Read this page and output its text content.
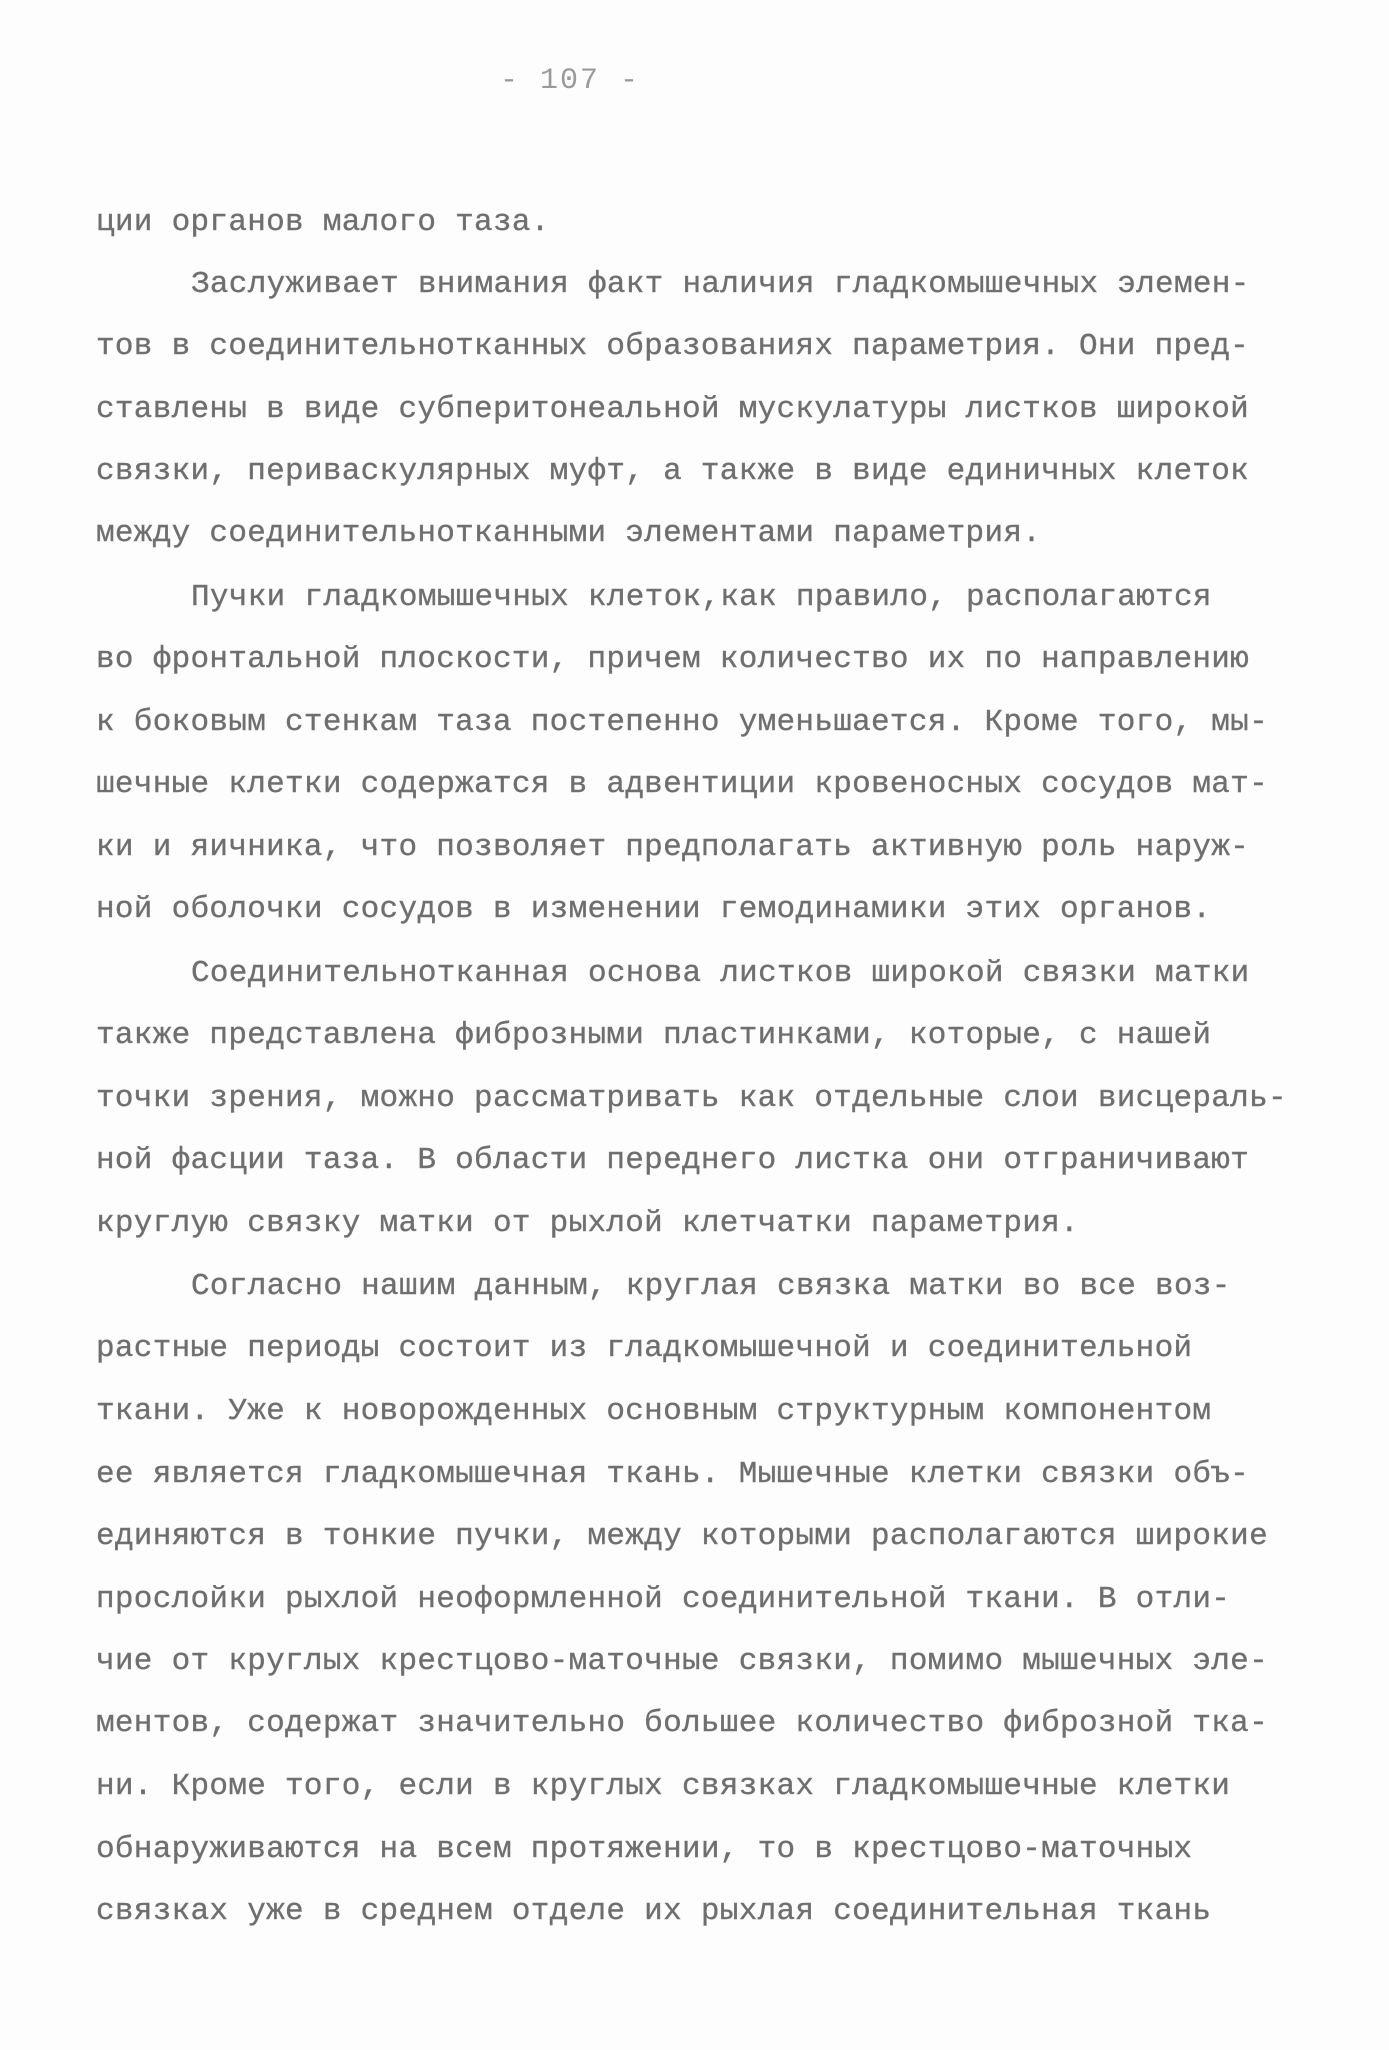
- 107 -
ции органов малого таза.
Заслуживает внимания факт наличия гладкомышечных элемен-
тов в соединительнотканных образованиях параметрия. Они пред-
ставлены в виде субперитонеальной мускулатуры листков широкой
связки, периваскулярных муфт, а также в виде единичных клеток
между соединительнотканными элементами параметрия.
Пучки гладкомышечных клеток,как правило, располагаются
во фронтальной плоскости, причем количество их по направлению
к боковым стенкам таза постепенно уменьшается. Кроме того, мы-
шечные клетки содержатся в адвентиции кровеносных сосудов мат-
ки и яичника, что позволяет предполагать активную роль наруж-
ной оболочки сосудов в изменении гемодинамики этих органов.
Соединительнотканная основа листков широкой связки матки
также представлена фиброзными пластинками, которые, с нашей
точки зрения, можно рассматривать как отдельные слои висцераль-
ной фасции таза. В области переднего листка они отграничивают
круглую связку матки от рыхлой клетчатки параметрия.
Согласно нашим данным, круглая связка матки во все воз-
растные периоды состоит из гладкомышечной и соединительной
ткани. Уже к новорожденных основным структурным компонентом
ее является гладкомышечная ткань. Мышечные клетки связки объ-
единяются в тонкие пучки, между которыми располагаются широкие
прослойки рыхлой неоформленной соединительной ткани. В отли-
чие от круглых крестцово-маточные связки, помимо мышечных эле-
ментов, содержат значительно большее количество фиброзной тка-
ни. Кроме того, если в круглых связках гладкомышечные клетки
обнаруживаются на всем протяжении, то в крестцово-маточных
связках уже в среднем отделе их рыхлая соединительная ткань
